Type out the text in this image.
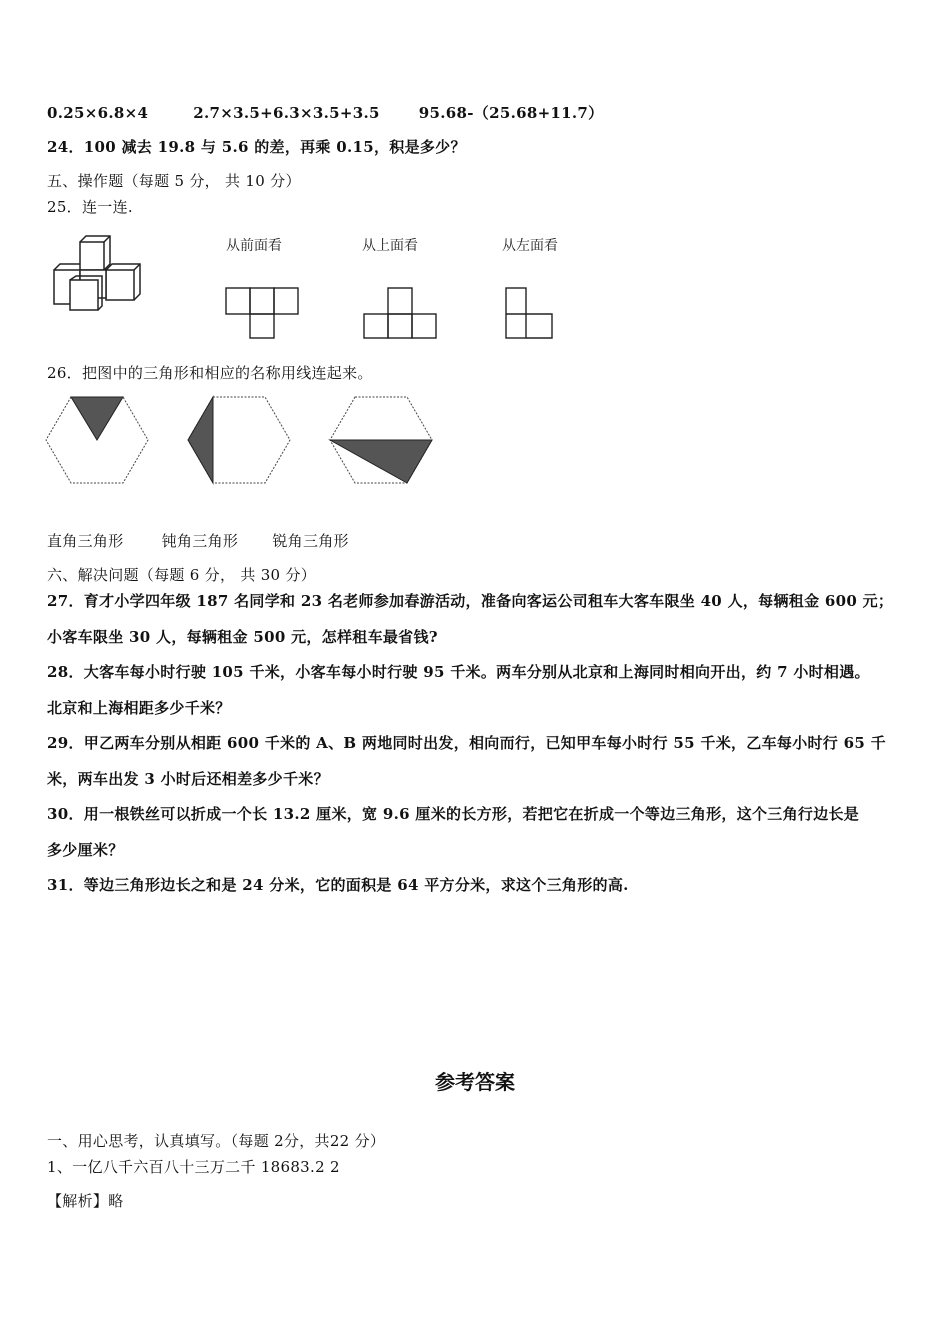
0.25×6.8×4	2.7×3.5+6.3×3.5+3.5	95.68-（25.68+11.7）
24．100 减去 19.8 与 5.6 的差，再乘 0.15，积是多少？
五、操作题（每题 5 分， 共 10 分）
25．连一连.
从前面看	从上面看	从左面看
26．把图中的三角形和相应的名称用线连起来。
直角三角形	钝角三角形 锐角三角形
六、解决问题（每题 6 分， 共 30 分）
27．育才小学四年级 187 名同学和 23 名老师参加春游活动，准备向客运公司租车大客车限坐 40 人，每辆租金 600 元；
小客车限坐 30 人，每辆租金 500 元，怎样租车最省钱?
28．大客车每小时行驶 105 千米，小客车每小时行驶 95 千米。两车分别从北京和上海同时相向开出，约 7 小时相遇。
北京和上海相距多少千米？
29．甲乙两车分别从相距 600 千米的 A、B 两地同时出发，相向而行，已知甲车每小时行 55 千米，乙车每小时行 65 千
米，两车出发 3 小时后还相差多少千米？
30．用一根铁丝可以折成一个长 13.2 厘米，宽 9.6 厘米的长方形，若把它在折成一个等边三角形，这个三角行边长是
多少厘米？
31．等边三角形边长之和是 24 分米，它的面积是 64 平方分米，求这个三角形的高.
参考答案
一、用心思考，认真填写。（每题 2分，共22 分）
1、一亿八千六百八十三万二千 18683.2 2
【解析】略
